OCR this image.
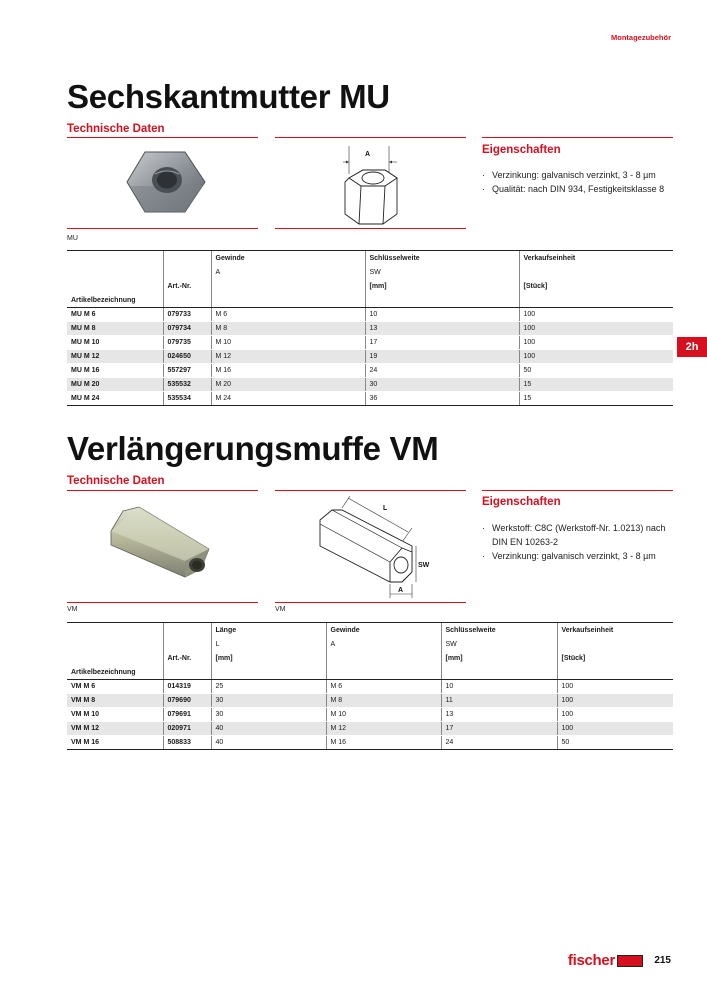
Montagezubehör
2h
Sechskantmutter MU
Technische Daten
A
MU
Eigenschaften
· Verzinkung: galvanisch verzinkt, 3 - 8 µm
· Qualität: nach DIN 934, Festigkeitsklasse 8
		Gewinde	Schlüsselweite	Verkaufseinheit
		A	SW	
	Art.-Nr.		[mm]	[Stück]
Artikelbezeichnung				
MU M 6	079733	M 6	10	100
MU M 8	079734	M 8	13	100
MU M 10	079735	M 10	17	100
MU M 12	024650	M 12	19	100
MU M 16	557297	M 16	24	50
MU M 20	535532	M 20	30	15
MU M 24	535534	M 24	36	15
Verlängerungsmuffe VM
Technische Daten
L
SW
A
VM	VM
Eigenschaften
· Werkstoff: C8C (Werkstoff-Nr. 1.0213) nach DIN EN 10263-2
· Verzinkung: galvanisch verzinkt, 3 - 8 µm
		Länge	Gewinde	Schlüsselweite	Verkaufseinheit
		L	A	SW	
	Art.-Nr.	[mm]		[mm]	[Stück]
Artikelbezeichnung					
VM M 6	014319	25	M 6	10	100
VM M 8	079690	30	M 8	11	100
VM M 10	079691	30	M 10	13	100
VM M 12	020971	40	M 12	17	100
VM M 16	508833	40	M 16	24	50
fischer	215
